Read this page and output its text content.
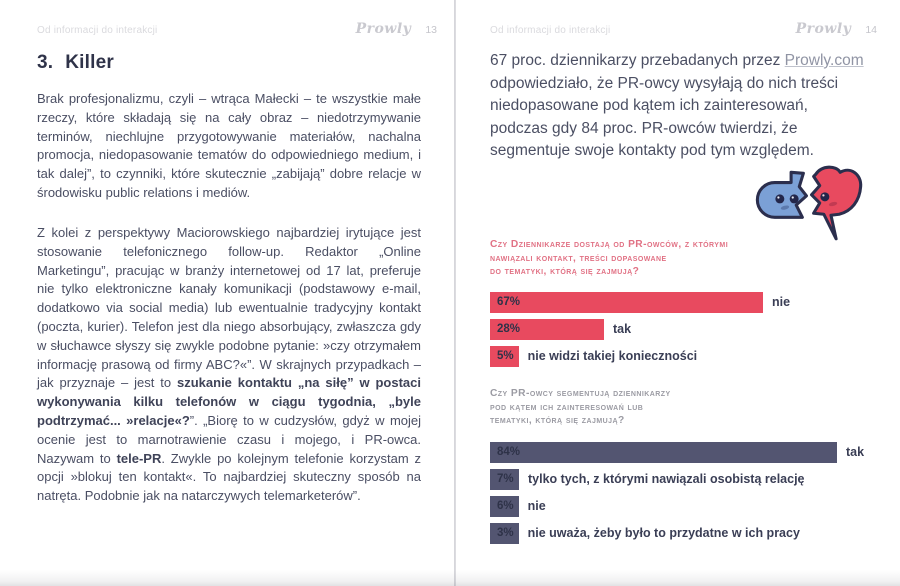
Od informacji do interakcji	Prowly 13
3. Killer
Brak profesjonalizmu, czyli – wtrąca Małecki – te wszystkie małe rzeczy, które składają się na cały obraz – niedotrzymywanie terminów, niechlujne przygotowywanie materiałów, nachalna promocja, niedopasowanie tematów do odpowiedniego medium, i tak dalej”, to czynniki, które skutecznie „zabijają” dobre relacje w środowisku public relations i mediów.
Z kolei z perspektywy Maciorowskiego najbardziej irytujące jest stosowanie telefonicznego follow-up. Redaktor „Online Marketingu”, pracując w branży internetowej od 17 lat, preferuje nie tylko elektroniczne kanały komunikacji (podstawowy e-mail, dodatkowo via social media) lub ewentualnie tradycyjny kontakt (poczta, kurier). Telefon jest dla niego absorbujący, zwłaszcza gdy w słuchawce słyszy się zwykle podobne pytanie: »czy otrzymałem informację prasową od firmy ABC?«”. W skrajnych przypadkach – jak przyznaje – jest to szukanie kontaktu „na siłę” w postaci wykonywania kilku telefonów w ciągu tygodnia, „byle podtrzymać... »relacje«?”. „Biorę to w cudzysłów, gdyż w mojej ocenie jest to marnotrawienie czasu i mojego, i PR-owca. Nazywam to tele-PR. Zwykle po kolejnym telefonie korzystam z opcji »blokuj ten kontakt«. To najbardziej skuteczny sposób na natręta. Podobnie jak na natarczywych telemarketerów”.
Od informacji do interakcji	Prowly 14
67 proc. dziennikarzy przebadanych przez Prowly.com odpowiedziało, że PR-owcy wysyłają do nich treści niedopasowane pod kątem ich zainteresowań, podczas gdy 84 proc. PR-owców twierdzi, że segmentuje swoje kontakty pod tym względem.
Czy Dziennikarze dostają od PR-owców, z którymi
nawiązali kontakt, treści dopasowane
do tematyki, którą się zajmują?
67%	nie
28%	tak
5% nie widzi takiej konieczności
Czy PR-owcy segmentują dziennikarzy
pod kątem ich zainteresowań lub
tematyki, którą się zajmują?
84%	tak
7% tylko tych, z którymi nawiązali osobistą relację
6% nie
3% nie uważa, żeby było to przydatne w ich pracy
